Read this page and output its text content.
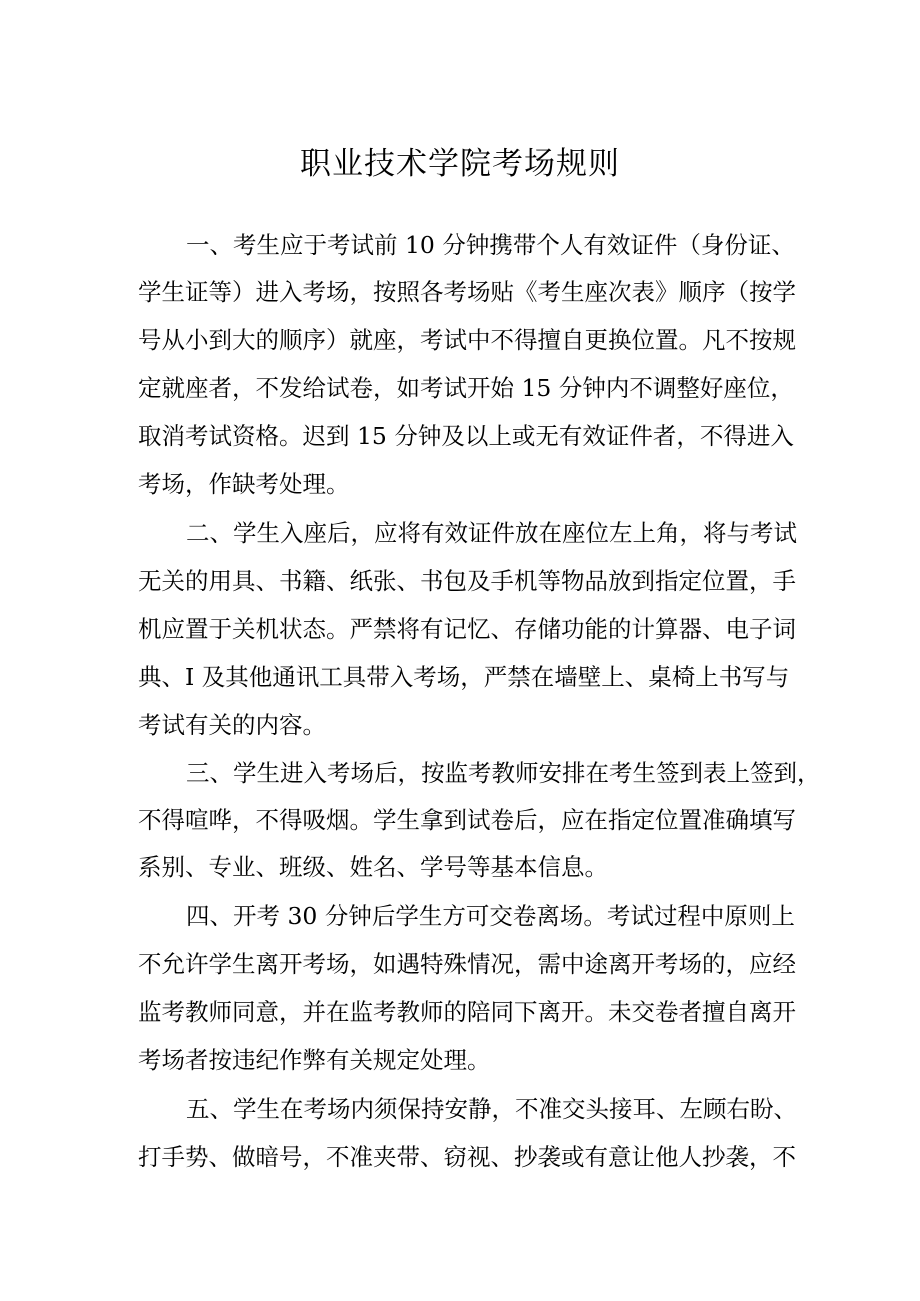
职业技术学院考场规则
一、考生应于考试前 10 分钟携带个人有效证件（身份证、
学生证等）进入考场，按照各考场贴《考生座次表》顺序（按学
号从小到大的顺序）就座，考试中不得擅自更换位置。凡不按规
定就座者，不发给试卷，如考试开始 15 分钟内不调整好座位，
取消考试资格。迟到 15 分钟及以上或无有效证件者，不得进入
考场，作缺考处理。
二、学生入座后，应将有效证件放在座位左上角，将与考试
无关的用具、书籍、纸张、书包及手机等物品放到指定位置，手
机应置于关机状态。严禁将有记忆、存储功能的计算器、电子词
典、I 及其他通讯工具带入考场，严禁在墙壁上、桌椅上书写与
考试有关的内容。
三、学生进入考场后，按监考教师安排在考生签到表上签到，
不得喧哗，不得吸烟。学生拿到试卷后，应在指定位置准确填写
系别、专业、班级、姓名、学号等基本信息。
四、开考 30 分钟后学生方可交卷离场。考试过程中原则上
不允许学生离开考场，如遇特殊情况，需中途离开考场的，应经
监考教师同意，并在监考教师的陪同下离开。未交卷者擅自离开
考场者按违纪作弊有关规定处理。
五、学生在考场内须保持安静，不准交头接耳、左顾右盼、
打手势、做暗号，不准夹带、窃视、抄袭或有意让他人抄袭，不
